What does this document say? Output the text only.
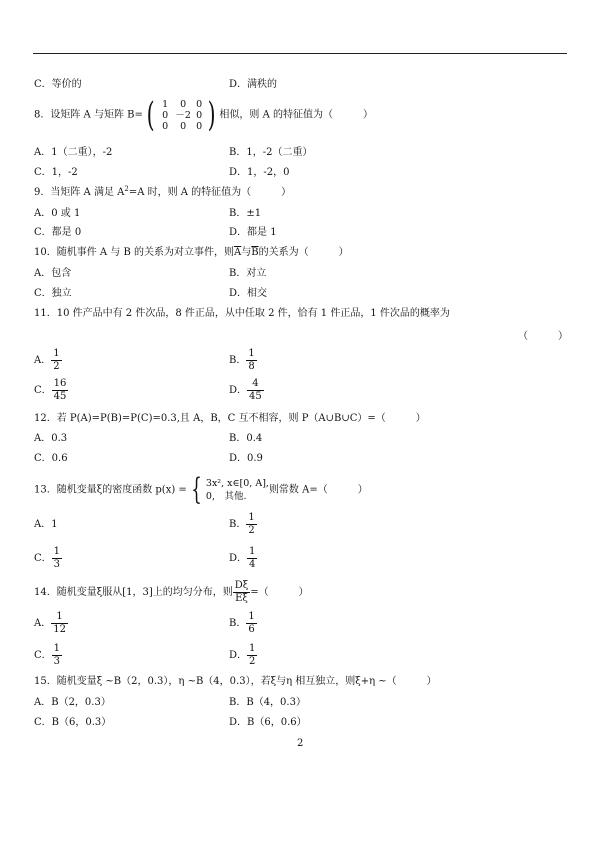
C．等价的	D．满秩的
8．设矩阵 A 与矩阵 B= ( 1	0	0
0 －2 0
0	0	0 ) 相似，则 A 的特征值为（　　　）
A．1（二重），-2	B．1，-2（二重）
C．1，-2	D．1，-2，0
9．当矩阵 A 满足 $A^2=A$ 时，则 A 的特征值为（　　　）
A．0 或 1	B．±1
C．都是 0	D．都是 1
10．随机事件 A 与 B 的关系为对立事件，则$\overline{A}$与$\overline{B}$的关系为（　　　）
A．包含	B．对立
C．独立	D．相交
11．10 件产品中有 2 件次品，8 件正品，从中任取 2 件，恰有 1 件正品，1 件次品的概率为
（　　　）
A． $\frac{1}{2}$	B． $\frac{1}{8}$
C． $\frac{16}{45}$	D． $\frac{4}{45}$
12．若 P(A)=P(B)=P(C)=0.3,且 A，B，C 互不相容，则 P（A∪B∪C）=（　　　）
A．0.3	B．0.4
C．0.6	D．0.9
13．随机变量ξ的密度函数 p(x) = { 3x², x∈[0, A],
0,　其他.
则常数 A=（　　　）
A．1	B． $\frac{1}{2}$
C． $\frac{1}{3}$	D． $\frac{1}{4}$
14．随机变量ξ服从[1，3]上的均匀分布，则 $\frac{D\xi}{E\xi}$ =（　　　）
A． $\frac{1}{12}$	B． $\frac{1}{6}$
C． $\frac{1}{3}$	D． $\frac{1}{2}$
15．随机变量ξ ~B（2，0.3），η ~B（4，0.3），若ξ与η 相互独立，则ξ+η ~（　　　）
A．B（2，0.3）	B．B（4，0.3）
C．B（6，0.3）	D．B（6，0.6）
2
